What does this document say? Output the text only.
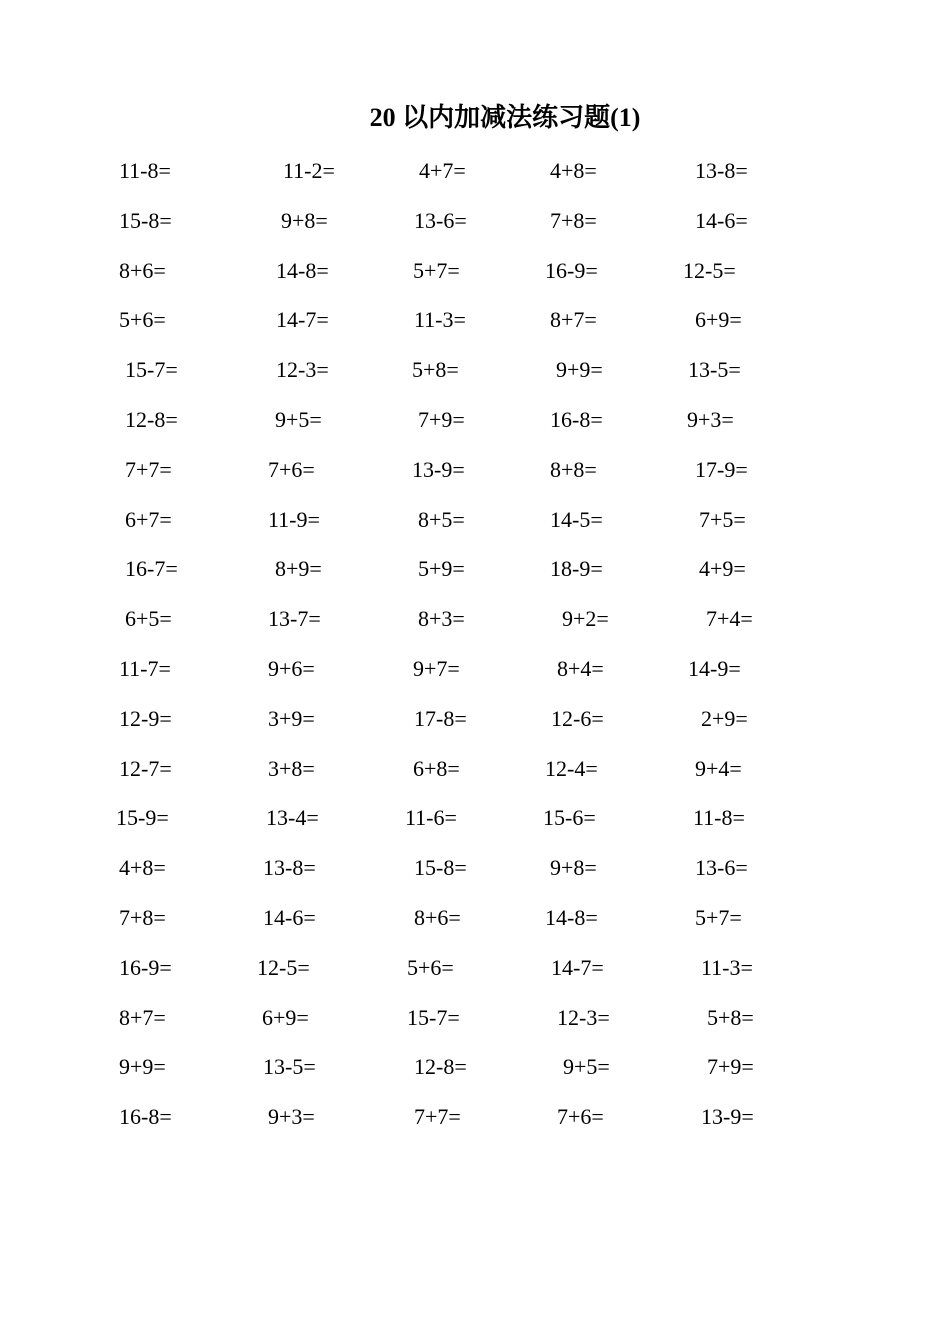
20 以内加减法练习题(1)
11-8=	11-2=	4+7=	4+8=	13-8=
15-8=	9+8=	13-6=	7+8=	14-6=
8+6=	14-8=	5+7=	16-9=	12-5=
5+6=	14-7=	11-3=	8+7=	6+9=
15-7=	12-3=	5+8=	9+9=	13-5=
12-8=	9+5=	7+9=	16-8=	9+3=
7+7=	7+6=	13-9=	8+8=	17-9=
6+7=	11-9=	8+5=	14-5=	7+5=
16-7=	8+9=	5+9=	18-9=	4+9=
6+5=	13-7=	8+3=	9+2=	7+4=
11-7=	9+6=	9+7=	8+4=	14-9=
12-9=	3+9=	17-8=	12-6=	2+9=
12-7=	3+8=	6+8=	12-4=	9+4=
15-9=	13-4=	11-6=	15-6=	11-8=
4+8=	13-8=	15-8=	9+8=	13-6=
7+8=	14-6=	8+6=	14-8=	5+7=
16-9=	12-5=	5+6=	14-7=	11-3=
8+7=	6+9=	15-7=	12-3=	5+8=
9+9=	13-5=	12-8=	9+5=	7+9=
16-8=	9+3=	7+7=	7+6=	13-9=
